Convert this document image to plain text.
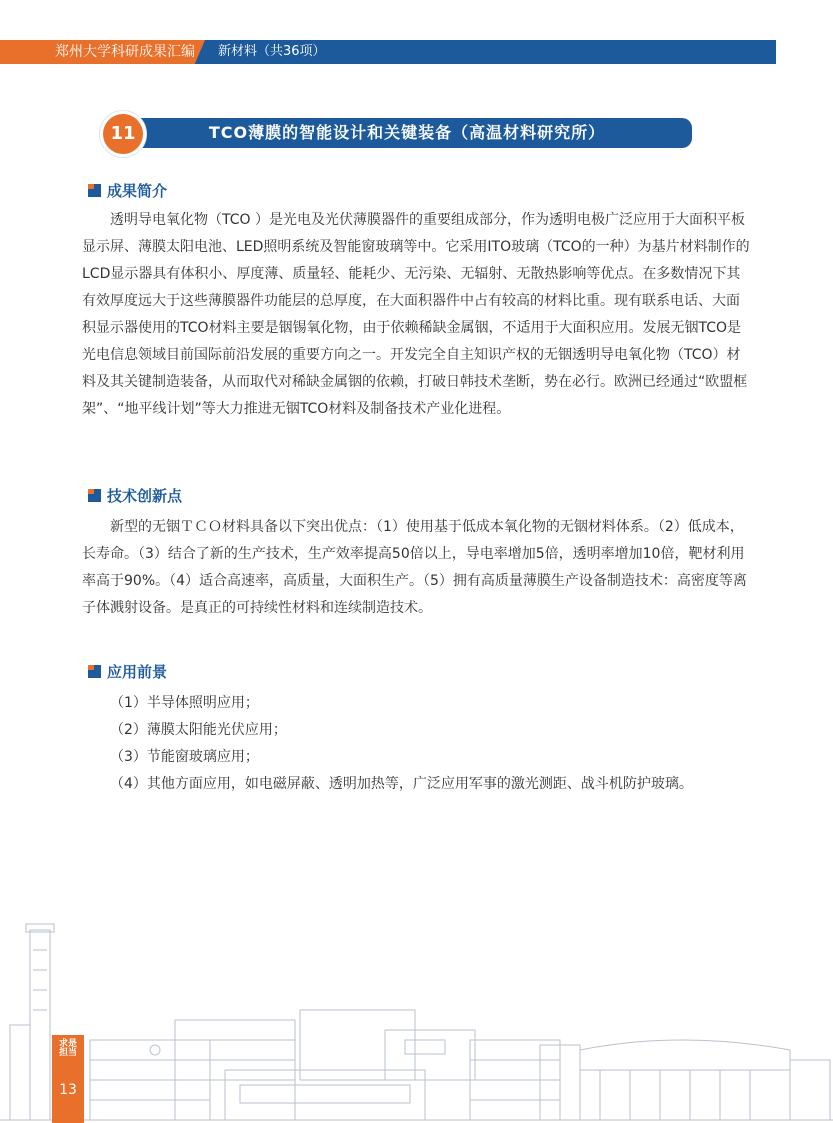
郑州大学科研成果汇编 新材料（共36项）
TCO薄膜的智能设计和关键装备（高温材料研究所）
11
成果简介

透明导电氧化物（TCO ）是光电及光伏薄膜器件的重要组成部分，作为透明电极广泛应用于大面积平板显示屏、薄膜太阳电池、LED照明系统及智能窗玻璃等中。它采用ITO玻璃（TCO的一种）为基片材料制作的LCD显示器具有体积小、厚度薄、质量轻、能耗少、无污染、无辐射、无散热影响等优点。在多数情况下其有效厚度远大于这些薄膜器件功能层的总厚度，在大面积器件中占有较高的材料比重。现有联系电话、大面积显示器使用的TCO材料主要是铟锡氧化物，由于依赖稀缺金属铟，不适用于大面积应用。发展无铟TCO是光电信息领域目前国际前沿发展的重要方向之一。开发完全自主知识产权的无铟透明导电氧化物（TCO）材料及其关键制造装备，从而取代对稀缺金属铟的依赖，打破日韩技术垄断，势在必行。欧洲已经通过“欧盟框架”、“地平线计划”等大力推进无铟TCO材料及制备技术产业化进程。

技术创新点

新型的无铟ＴＣＯ材料具备以下突出优点：（1）使用基于低成本氧化物的无铟材料体系。（2）低成本，长寿命。（3）结合了新的生产技术，生产效率提高50倍以上，导电率增加5倍，透明率增加10倍，靶材利用率高于90%。（4）适合高速率，高质量，大面积生产。（5）拥有高质量薄膜生产设备制造技术：高密度等离子体溅射设备。是真正的可持续性材料和连续制造技术。

应用前景
（1）半导体照明应用；
（2）薄膜太阳能光伏应用；
（3）节能窗玻璃应用；

（4）其他方面应用，如电磁屏蔽、透明加热等，广泛应用军事的激光测距、战斗机防护玻璃。

求是担当
13
